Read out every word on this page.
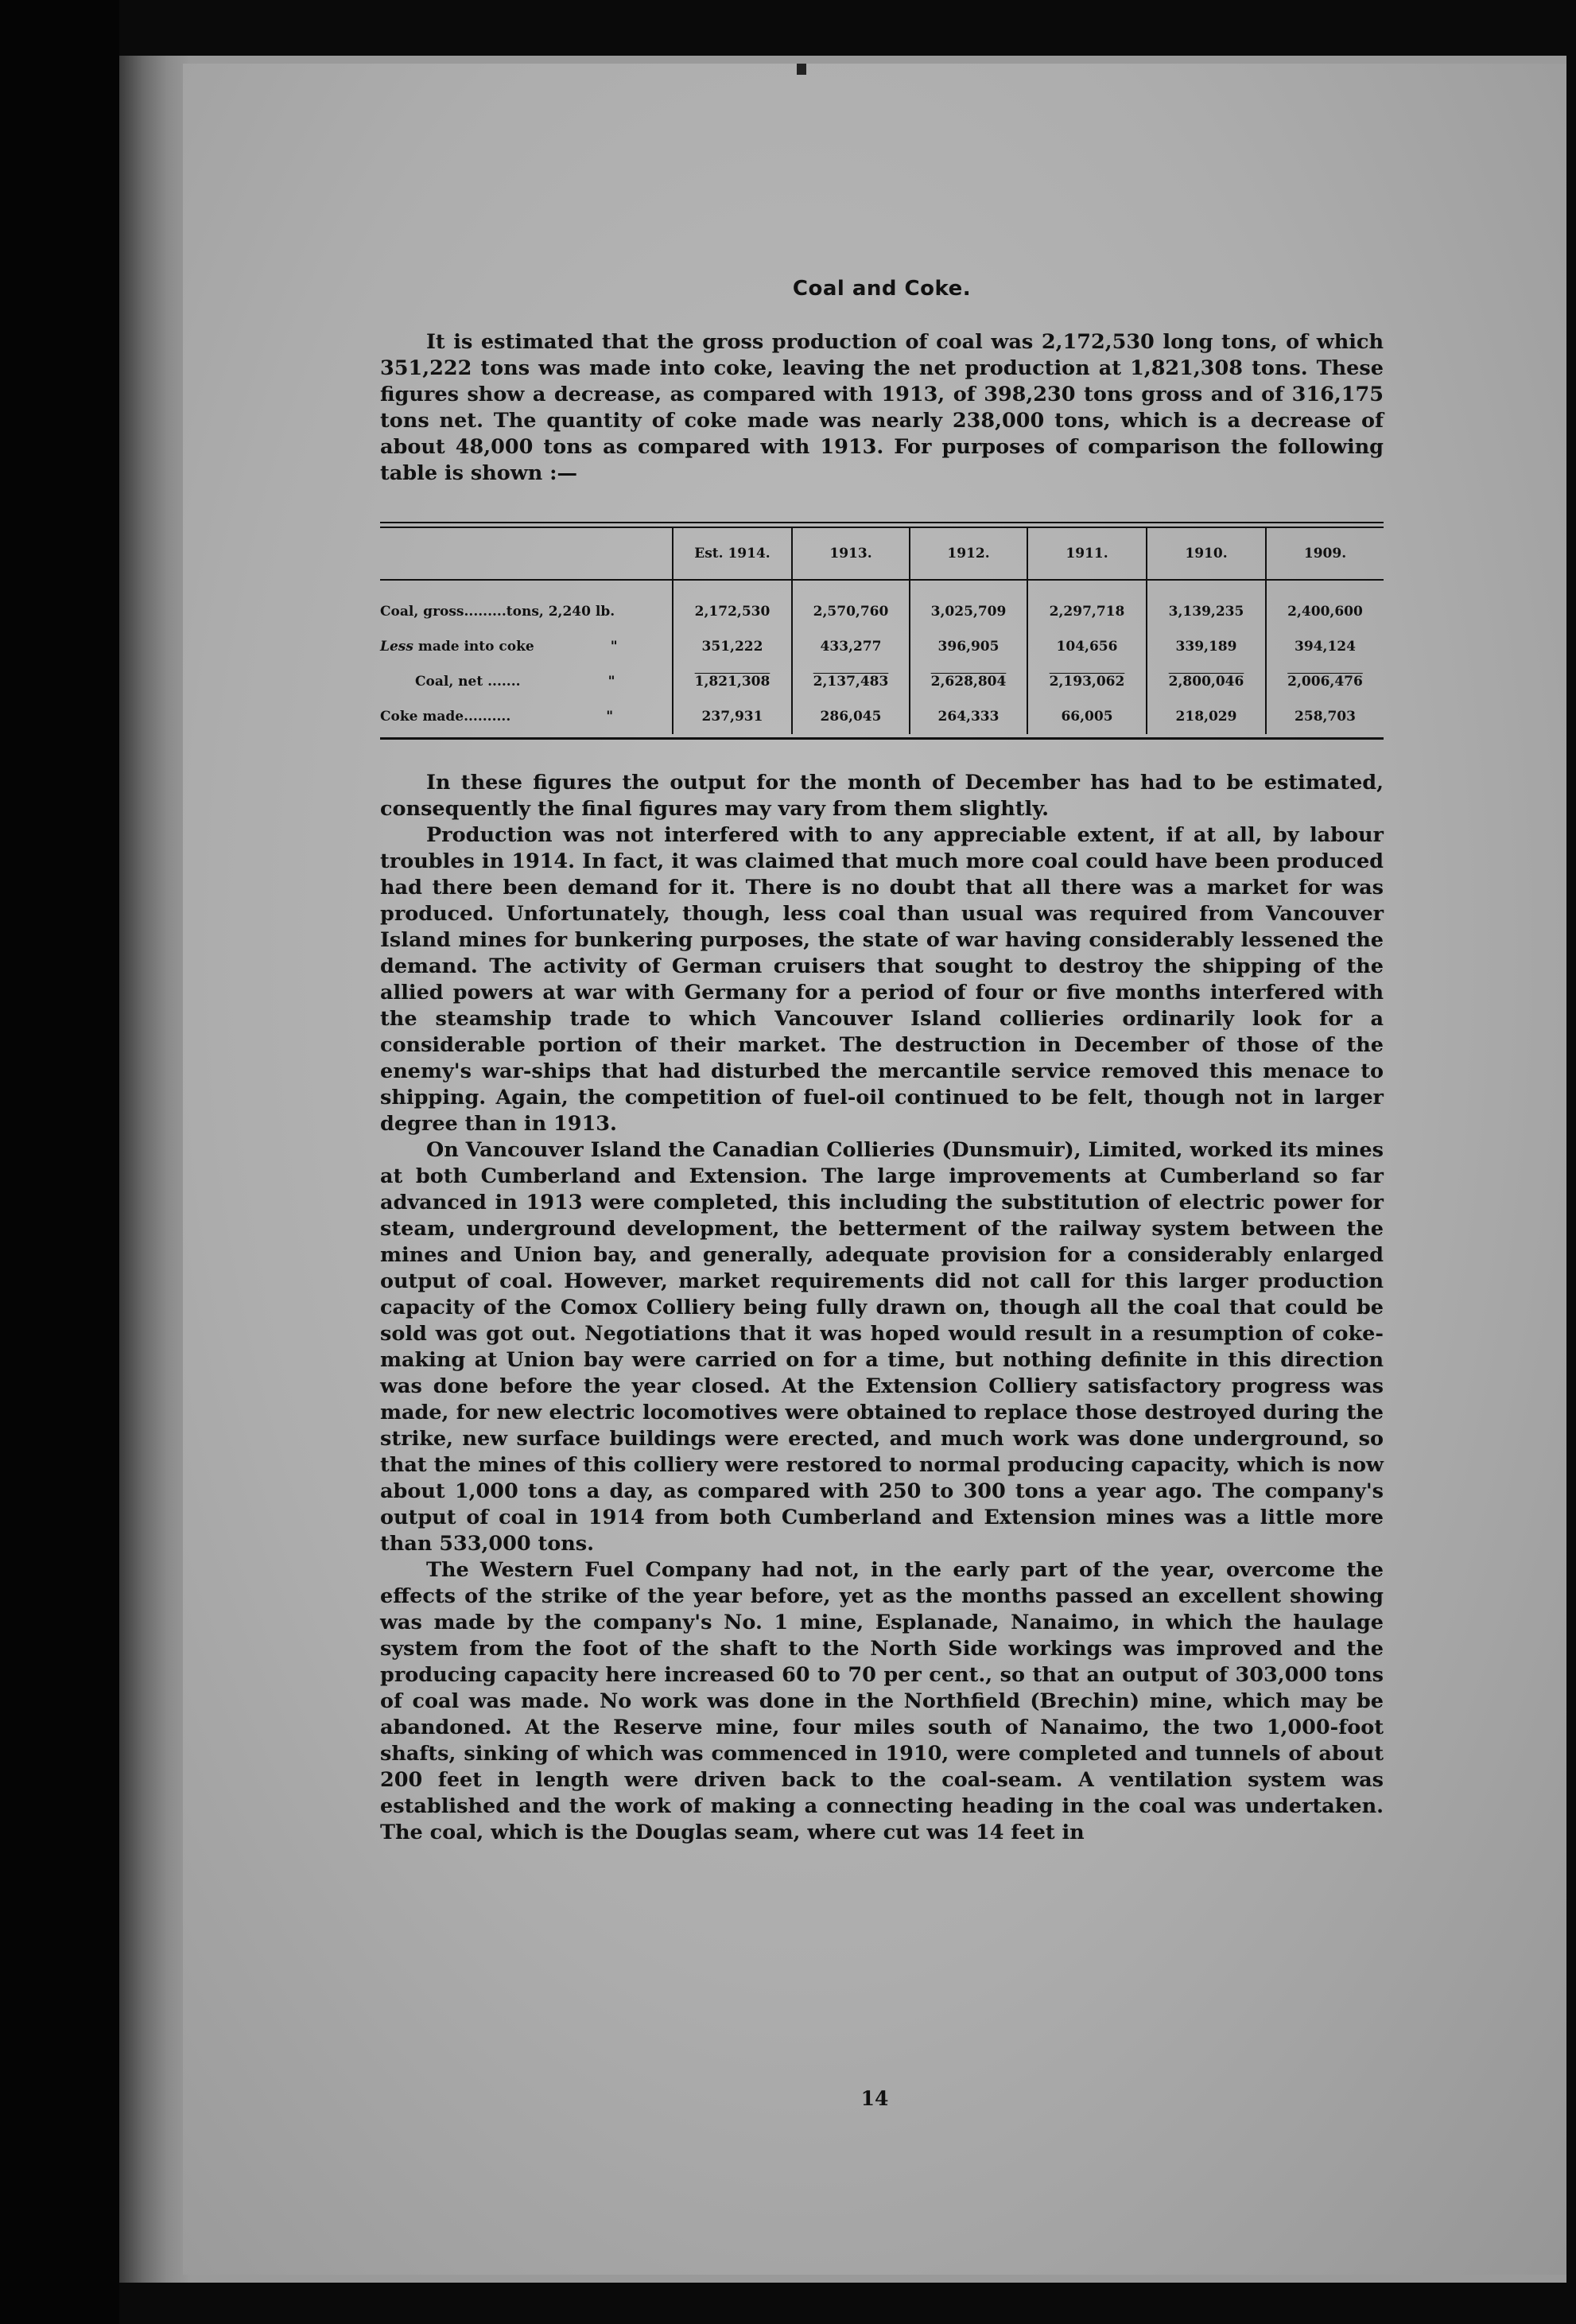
Coal and Coke.

It is estimated that the gross production of coal was 2,172,530 long tons, of which 351,222 tons was made into coke, leaving the net production at 1,821,308 tons. These figures show a decrease, as compared with 1913, of 398,230 tons gross and of 316,175 tons net. The quantity of coke made was nearly 238,000 tons, which is a decrease of about 48,000 tons as compared with 1913. For purposes of comparison the following table is shown :—

	Est. 1914.	1913.	1912.	1911.	1910.	1909.
Coal, gross.........tons, 2,240 lb.	2,172,530	2,570,760	3,025,709	2,297,718	3,139,235	2,400,600
Less made into coke "	351,222	433,277	396,905	104,656	339,189	394,124
Coal, net ....... "	1,821,308	2,137,483	2,628,804	2,193,062	2,800,046	2,006,476
Coke made.......... "	237,931	286,045	264,333	66,005	218,029	258,703

In these figures the output for the month of December has had to be estimated, consequently the final figures may vary from them slightly.

Production was not interfered with to any appreciable extent, if at all, by labour troubles in 1914. In fact, it was claimed that much more coal could have been produced had there been demand for it. There is no doubt that all there was a market for was produced. Unfortunately, though, less coal than usual was required from Vancouver Island mines for bunkering purposes, the state of war having considerably lessened the demand. The activity of German cruisers that sought to destroy the shipping of the allied powers at war with Germany for a period of four or five months interfered with the steamship trade to which Vancouver Island collieries ordinarily look for a considerable portion of their market. The destruction in December of those of the enemy's war-ships that had disturbed the mercantile service removed this menace to shipping. Again, the competition of fuel-oil continued to be felt, though not in larger degree than in 1913.

On Vancouver Island the Canadian Collieries (Dunsmuir), Limited, worked its mines at both Cumberland and Extension. The large improvements at Cumberland so far advanced in 1913 were completed, this including the substitution of electric power for steam, underground development, the betterment of the railway system between the mines and Union bay, and generally, adequate provision for a considerably enlarged output of coal. However, market requirements did not call for this larger production capacity of the Comox Colliery being fully drawn on, though all the coal that could be sold was got out. Negotiations that it was hoped would result in a resumption of coke-making at Union bay were carried on for a time, but nothing definite in this direction was done before the year closed. At the Extension Colliery satisfactory progress was made, for new electric locomotives were obtained to replace those destroyed during the strike, new surface buildings were erected, and much work was done underground, so that the mines of this colliery were restored to normal producing capacity, which is now about 1,000 tons a day, as compared with 250 to 300 tons a year ago. The company's output of coal in 1914 from both Cumberland and Extension mines was a little more than 533,000 tons.

The Western Fuel Company had not, in the early part of the year, overcome the effects of the strike of the year before, yet as the months passed an excellent showing was made by the company's No. 1 mine, Esplanade, Nanaimo, in which the haulage system from the foot of the shaft to the North Side workings was improved and the producing capacity here increased 60 to 70 per cent., so that an output of 303,000 tons of coal was made. No work was done in the Northfield (Brechin) mine, which may be abandoned. At the Reserve mine, four miles south of Nanaimo, the two 1,000-foot shafts, sinking of which was commenced in 1910, were completed and tunnels of about 200 feet in length were driven back to the coal-seam. A ventilation system was established and the work of making a connecting heading in the coal was undertaken. The coal, which is the Douglas seam, where cut was 14 feet in

14
